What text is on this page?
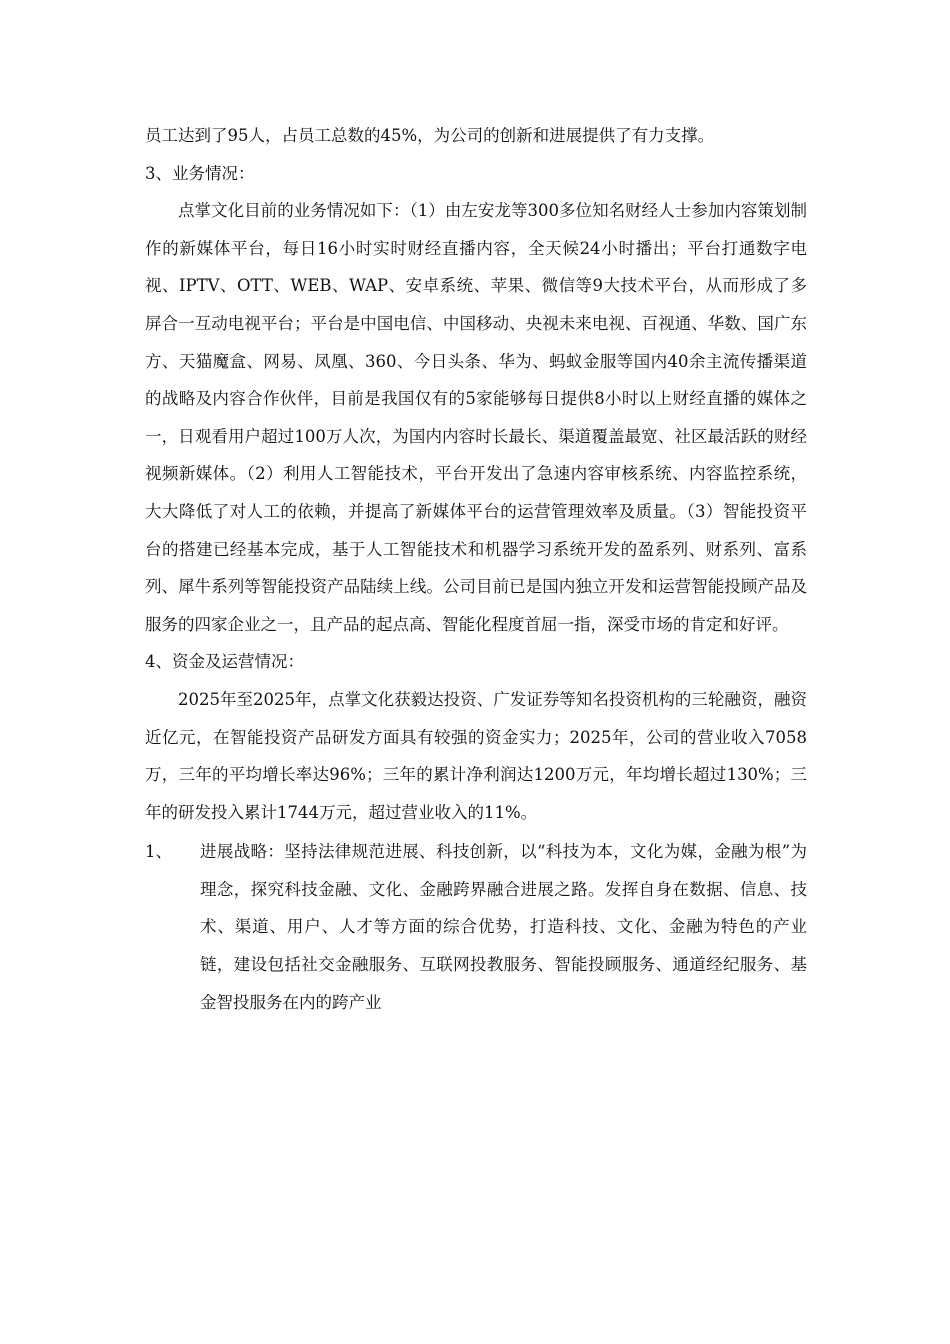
员工达到了95人，占员工总数的45%，为公司的创新和进展提供了有力支撑。

3、业务情况：

点掌文化目前的业务情况如下：（1）由左安龙等300多位知名财经人士参加内容策划制作的新媒体平台，每日16小时实时财经直播内容，全天候24小时播出；平台打通数字电视、IPTV、OTT、WEB、WAP、安卓系统、苹果、微信等9大技术平台，从而形成了多屏合一互动电视平台；平台是中国电信、中国移动、央视未来电视、百视通、华数、国广东方、天猫魔盒、网易、凤凰、360、今日头条、华为、蚂蚁金服等国内40余主流传播渠道的战略及内容合作伙伴，目前是我国仅有的5家能够每日提供8小时以上财经直播的媒体之一，日观看用户超过100万人次，为国内内容时长最长、渠道覆盖最宽、社区最活跃的财经视频新媒体。（2）利用人工智能技术，平台开发出了急速内容审核系统、内容监控系统，大大降低了对人工的依赖，并提高了新媒体平台的运营管理效率及质量。（3）智能投资平台的搭建已经基本完成，基于人工智能技术和机器学习系统开发的盈系列、财系列、富系列、犀牛系列等智能投资产品陆续上线。公司目前已是国内独立开发和运营智能投顾产品及服务的四家企业之一，且产品的起点高、智能化程度首屈一指，深受市场的肯定和好评。

4、资金及运营情况：

2025年至2025年，点掌文化获毅达投资、广发证券等知名投资机构的三轮融资，融资近亿元，在智能投资产品研发方面具有较强的资金实力；2025年，公司的营业收入7058万，三年的平均增长率达96%；三年的累计净利润达1200万元，年均增长超过130%；三年的研发投入累计1744万元，超过营业收入的11%。

1、	进展战略：坚持法律规范进展、科技创新，以“科技为本，文化为媒，金融为根”为理念，探究科技金融、文化、金融跨界融合进展之路。发挥自身在数据、信息、技术、渠道、用户、人才等方面的综合优势，打造科技、文化、金融为特色的产业链，建设包括社交金融服务、互联网投教服务、智能投顾服务、通道经纪服务、基金智投服务在内的跨产业
